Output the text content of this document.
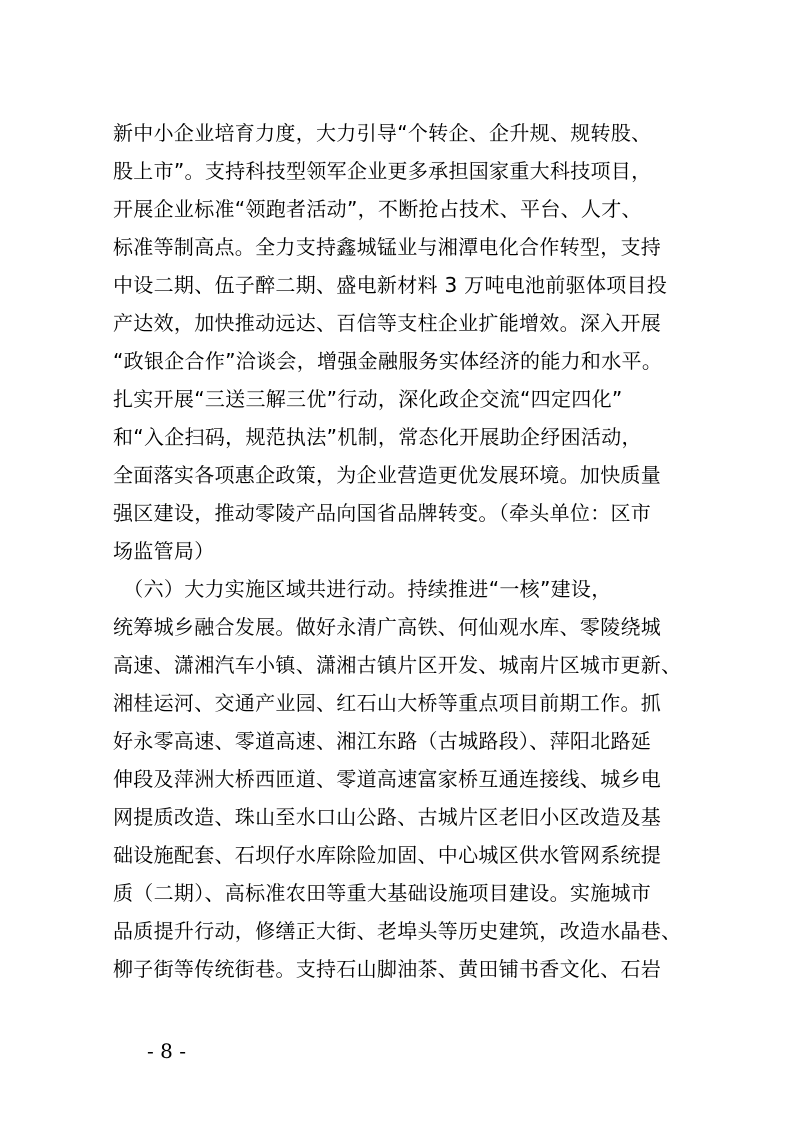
新中小企业培育力度，大力引导“个转企、企升规、规转股、
股上市”。支持科技型领军企业更多承担国家重大科技项目，
开展企业标准“领跑者活动”，不断抢占技术、平台、人才、
标准等制高点。全力支持鑫城锰业与湘潭电化合作转型，支持
中设二期、伍子醉二期、盛电新材料 3 万吨电池前驱体项目投
产达效，加快推动远达、百信等支柱企业扩能增效。深入开展
“政银企合作”洽谈会，增强金融服务实体经济的能力和水平。
扎实开展“三送三解三优”行动，深化政企交流“四定四化”
和“入企扫码，规范执法”机制，常态化开展助企纾困活动，
全面落实各项惠企政策，为企业营造更优发展环境。加快质量
强区建设，推动零陵产品向国省品牌转变。（牵头单位：区市
场监管局）
　（六）大力实施区域共进行动。持续推进“一核”建设，
统筹城乡融合发展。做好永清广高铁、何仙观水库、零陵绕城
高速、潇湘汽车小镇、潇湘古镇片区开发、城南片区城市更新、
湘桂运河、交通产业园、红石山大桥等重点项目前期工作。抓
好永零高速、零道高速、湘江东路（古城路段）、萍阳北路延
伸段及萍洲大桥西匝道、零道高速富家桥互通连接线、城乡电
网提质改造、珠山至水口山公路、古城片区老旧小区改造及基
础设施配套、石坝仔水库除险加固、中心城区供水管网系统提
质（二期）、高标准农田等重大基础设施项目建设。实施城市
品质提升行动，修缮正大街、老埠头等历史建筑，改造水晶巷、
柳子街等传统街巷。支持石山脚油茶、黄田铺书香文化、石岩
- 8 -
